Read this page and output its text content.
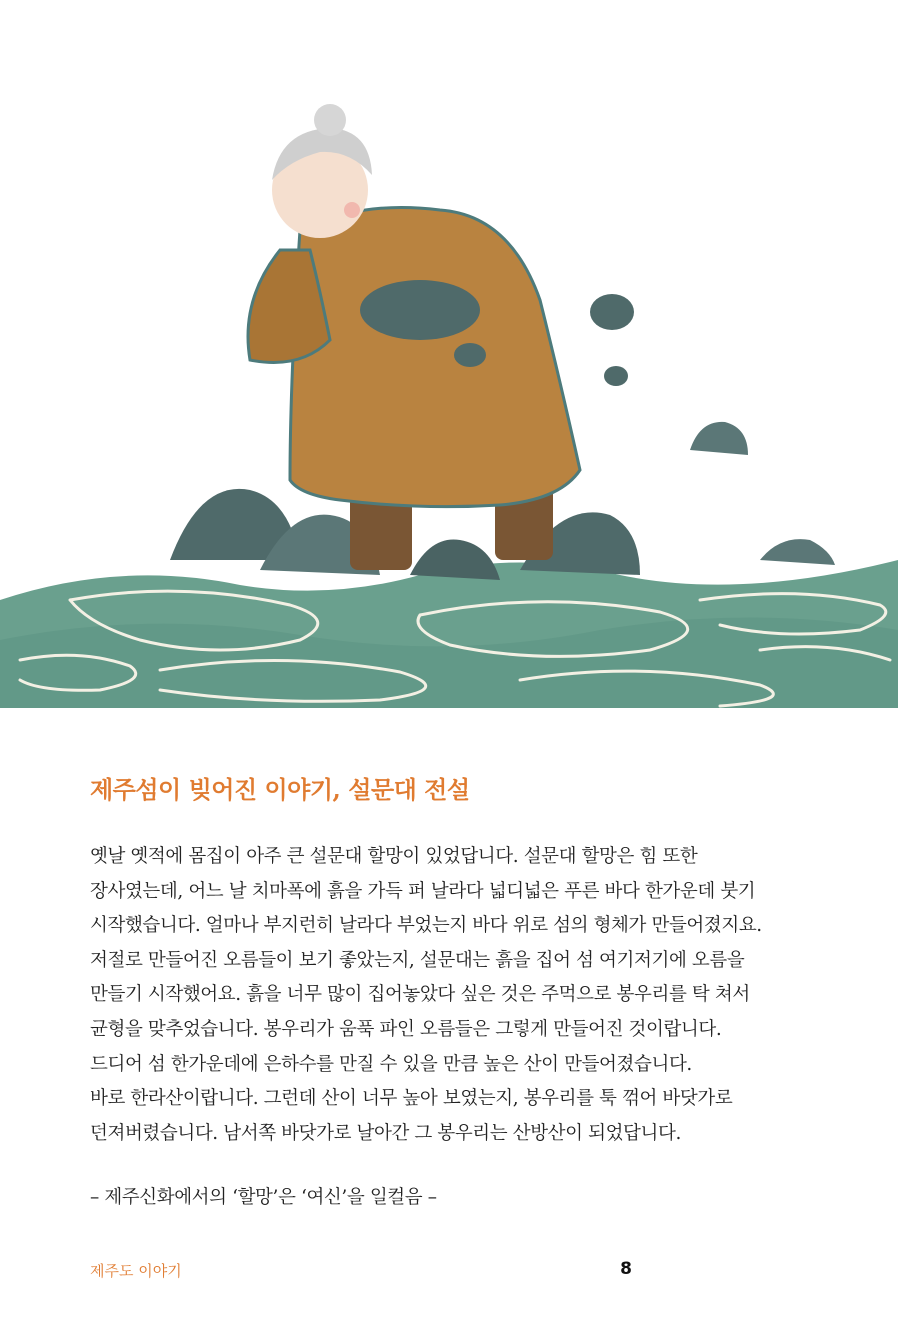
제주섬이 빚어진 이야기, 설문대 전설
옛날 옛적에 몸집이 아주 큰 설문대 할망이 있었답니다. 설문대 할망은 힘 또한
장사였는데, 어느 날 치마폭에 흙을 가득 퍼 날라다 넓디넓은 푸른 바다 한가운데 붓기
시작했습니다. 얼마나 부지런히 날라다 부었는지 바다 위로 섬의 형체가 만들어졌지요.
저절로 만들어진 오름들이 보기 좋았는지, 설문대는 흙을 집어 섬 여기저기에 오름을
만들기 시작했어요. 흙을 너무 많이 집어놓았다 싶은 것은 주먹으로 봉우리를 탁 쳐서
균형을 맞추었습니다. 봉우리가 움푹 파인 오름들은 그렇게 만들어진 것이랍니다.
드디어 섬 한가운데에 은하수를 만질 수 있을 만큼 높은 산이 만들어졌습니다.
바로 한라산이랍니다. 그런데 산이 너무 높아 보였는지, 봉우리를 툭 꺾어 바닷가로
던져버렸습니다. 남서쪽 바닷가로 날아간 그 봉우리는 산방산이 되었답니다.
– 제주신화에서의 ‘할망’은 ‘여신’을 일컬음 –
제주도 이야기	8
